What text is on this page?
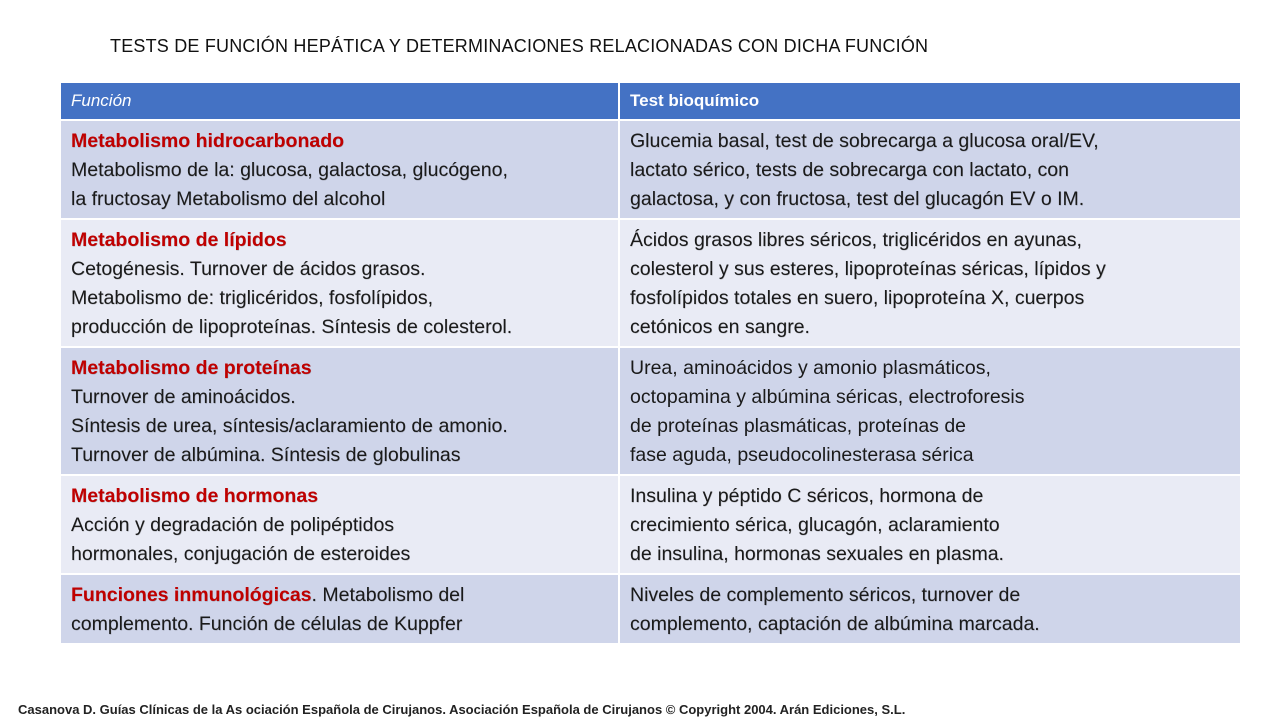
TESTS DE FUNCIÓN HEPÁTICA Y DETERMINACIONES RELACIONADAS CON DICHA FUNCIÓN
Función	Test bioquímico

Metabolismo hidrocarbonado
Metabolismo de la: glucosa, galactosa, glucógeno,
la fructosay Metabolismo del alcohol	Glucemia basal, test de sobrecarga a glucosa oral/EV,
lactato sérico, tests de sobrecarga con lactato, con
galactosa, y con fructosa, test del glucagón EV o IM.

Metabolismo de lípidos
Cetogénesis. Turnover de ácidos grasos.
Metabolismo de: triglicéridos, fosfolípidos,
producción de lipoproteínas. Síntesis de colesterol.	Ácidos grasos libres séricos, triglicéridos en ayunas,
colesterol y sus esteres, lipoproteínas séricas, lípidos y
fosfolípidos totales en suero, lipoproteína X, cuerpos
cetónicos en sangre.

Metabolismo de proteínas
Turnover de aminoácidos.
Síntesis de urea, síntesis/aclaramiento de amonio.
Turnover de albúmina. Síntesis de globulinas	Urea, aminoácidos y amonio plasmáticos,
octopamina y albúmina séricas, electroforesis
de proteínas plasmáticas, proteínas de
fase aguda, pseudocolinesterasa sérica

Metabolismo de hormonas
Acción y degradación de polipéptidos
hormonales, conjugación de esteroides	Insulina y péptido C séricos, hormona de
crecimiento sérica, glucagón, aclaramiento
de insulina, hormonas sexuales en plasma.

Funciones inmunológicas. Metabolismo del
complemento. Función de células de Kuppfer	Niveles de complemento séricos, turnover de
complemento, captación de albúmina marcada.
Casanova D. Guías Clínicas de la As ociación Española de Cirujanos. Asociación Española de Cirujanos © Copyright 2004. Arán Ediciones, S.L.
